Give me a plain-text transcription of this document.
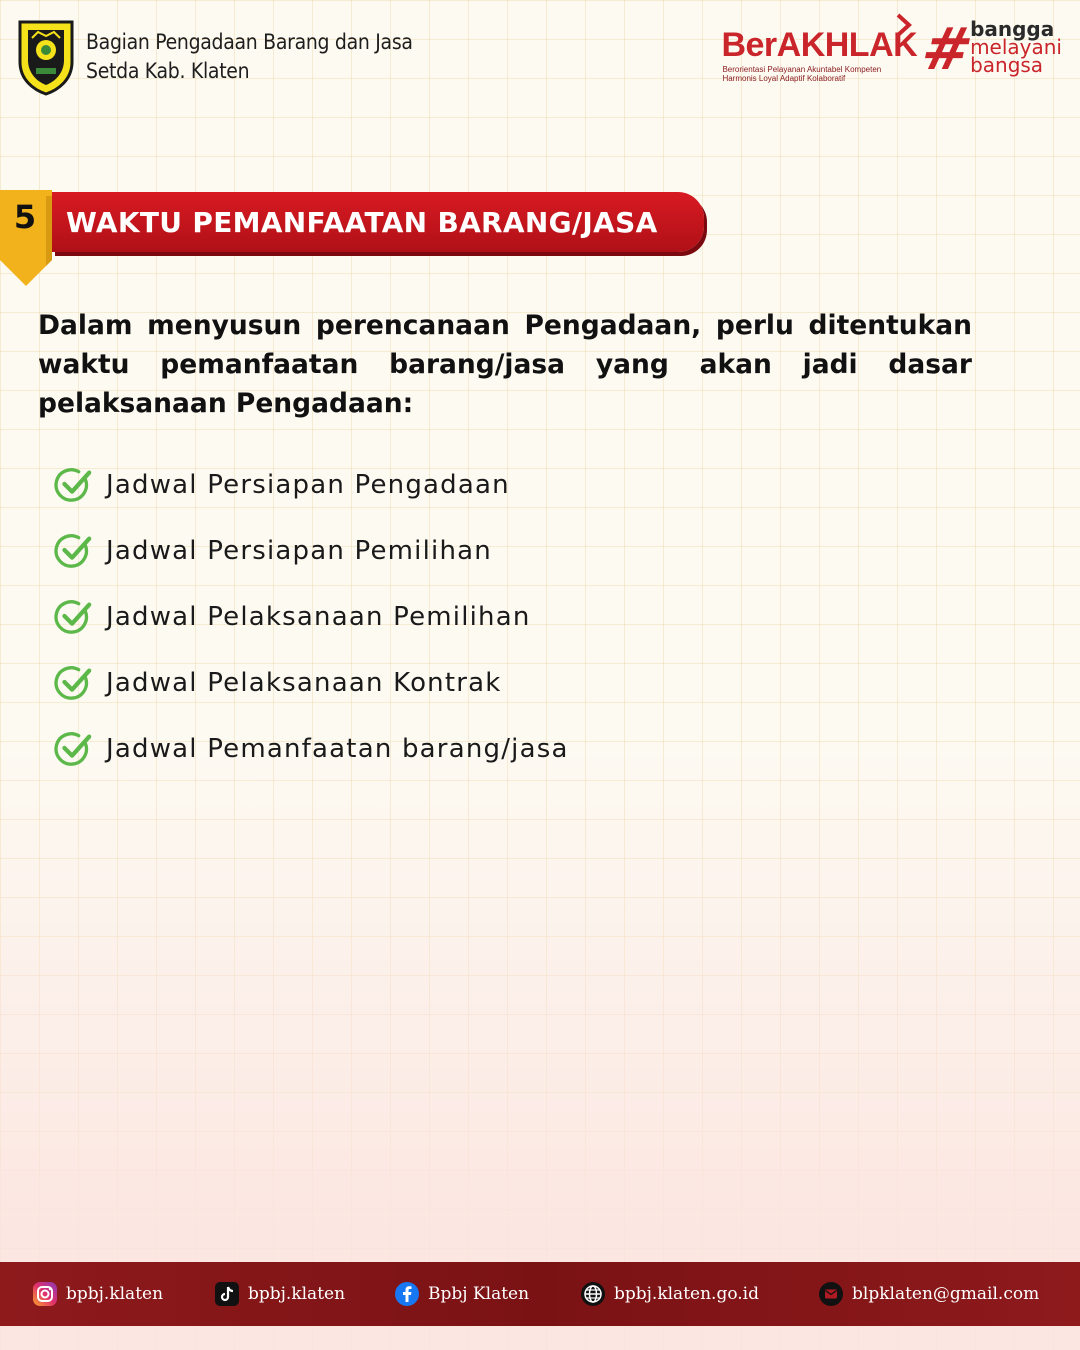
Bagian Pengadaan Barang dan Jasa
Setda Kab. Klaten
BerAKHLAK
Berorientasi Pelayanan Akuntabel Kompeten
Harmonis Loyal Adaptif Kolaboratif	#
bangga
melayani
bangsa
5	WAKTU PEMANFAATAN BARANG/JASA
Dalam menyusun perencanaan Pengadaan, perlu ditentukan waktu pemanfaatan barang/jasa yang akan jadi dasar pelaksanaan Pengadaan:
Jadwal Persiapan Pengadaan
Jadwal Persiapan Pemilihan
Jadwal Pelaksanaan Pemilihan
Jadwal Pelaksanaan Kontrak
Jadwal Pemanfaatan barang/jasa
bpbj.klaten	bpbj.klaten	Bpbj Klaten	bpbj.klaten.go.id	blpklaten@gmail.com
